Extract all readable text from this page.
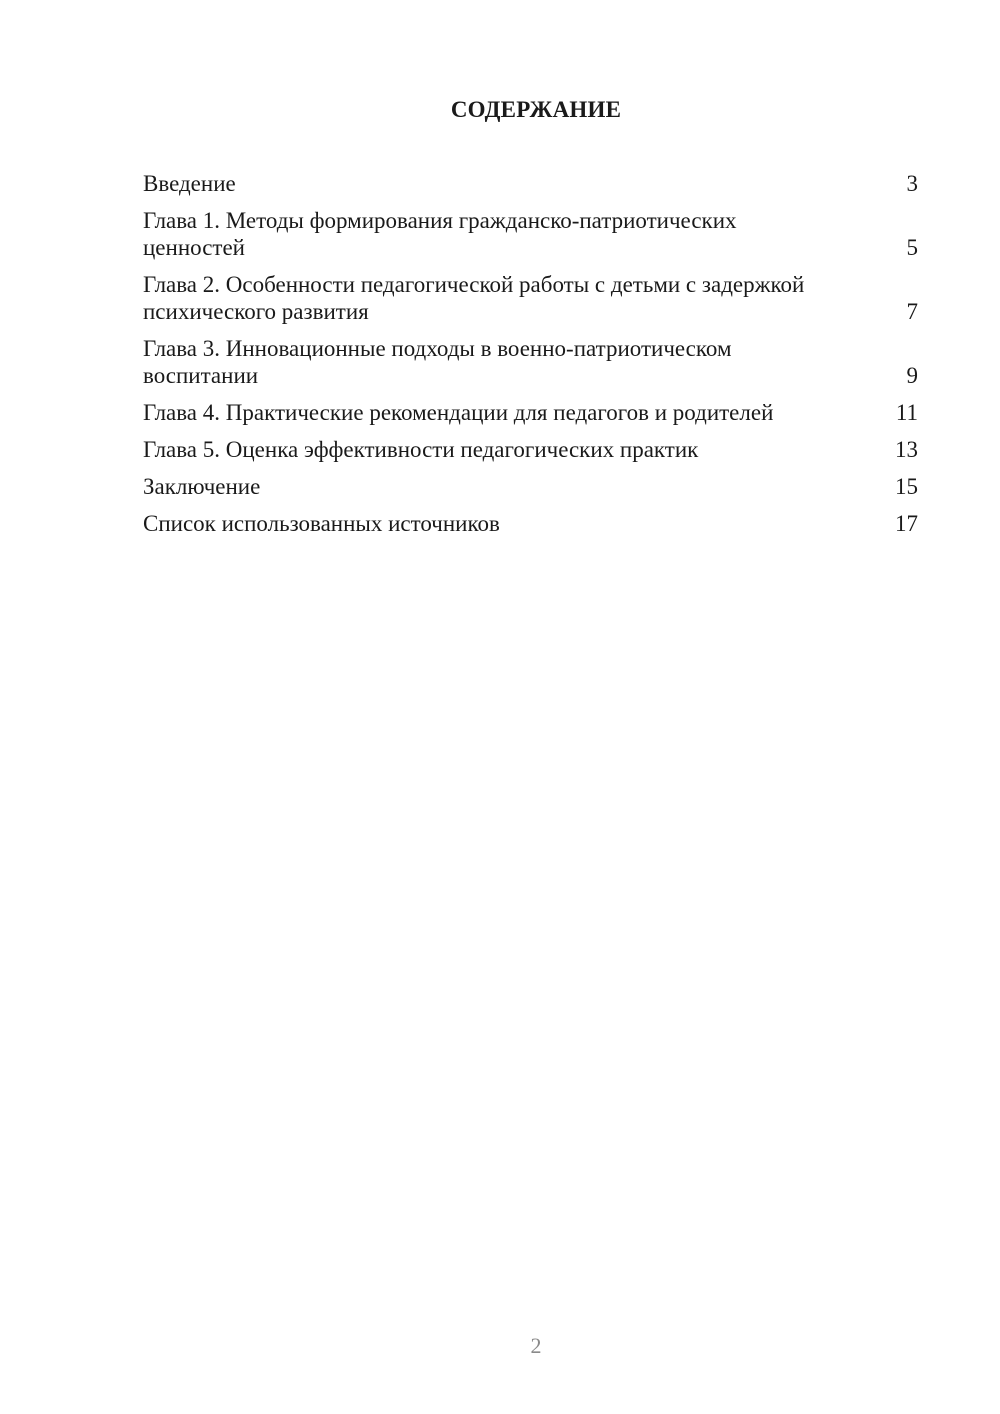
СОДЕРЖАНИЕ
Введение	3
Глава 1. Методы формирования гражданско-патриотических ценностей	5
Глава 2. Особенности педагогической работы с детьми с задержкой психического развития	7
Глава 3. Инновационные подходы в военно-патриотическом воспитании	9
Глава 4. Практические рекомендации для педагогов и родителей	11
Глава 5. Оценка эффективности педагогических практик	13
Заключение	15
Список использованных источников	17
2
